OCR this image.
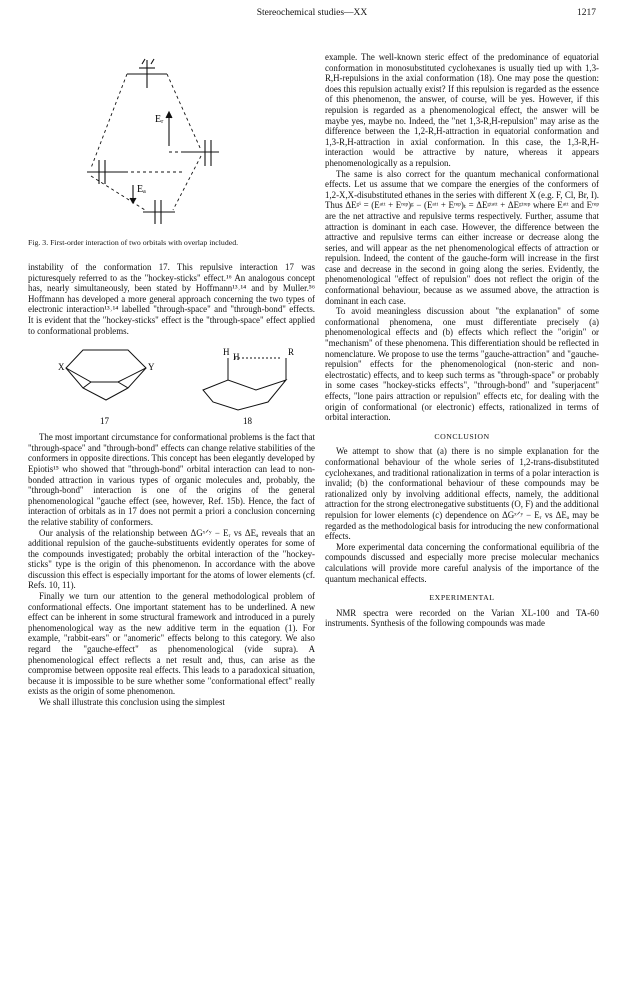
Stereochemical studies—XX	1217
Eᵣ
Eₐ
Fig. 3. First-order interaction of two orbitals with overlap included.

instability of the conformation 17. This repulsive interaction 17 was picturesquely referred to as the "hockey-sticks" effect.¹⁶ An analogous concept has, nearly simultaneously, been stated by Hoffmann¹³˒¹⁴ and by Muller.⁵⁶ Hoffmann has developed a more general approach concerning the two types of electronic interaction¹³˒¹⁴ labelled "through-space" and "through-bond" effects. It is evident that the "hockey-sticks" effect is the "through-space" effect applied to conformational problems.

X	Y
H H	R
17	18

The most important circumstance for conformational problems is the fact that "through-space" and "through-bond" effects can change relative stabilities of the conformers in opposite directions. This concept has been elegantly developed by Epiotis¹⁵ who showed that "through-bond" orbital interaction can lead to non-bonded attraction in various types of organic molecules and, probably, the "through-bond" interaction is one of the origins of the general phenomenological "gauche effect (see, however, Ref. 15b). Hence, the fact of interaction of orbitals as in 17 does not permit a priori a conclusion concerning the relative stability of conformers.

Our analysis of the relationship between ΔGˣᐟʸ − Eᵣ vs ΔEₐ reveals that an additional repulsion of the gauche-substituents evidently operates for some of the compounds investigated; probably the orbital interaction of the "hockey-sticks" type is the origin of this phenomenon. In accordance with the above discussion this effect is especially important for the atoms of lower elements (cf. Refs. 10, 11).

Finally we turn our attention to the general methodological problem of conformational effects. One important statement has to be underlined. A new effect can be inherent in some structural framework and introduced in a purely phenomenological way as the new additive term in the equation (1). For example, "rabbit-ears" or "anomeric" effects belong to this category. We also regard the "gauche-effect" as phenomenological (vide supra). A phenomenological effect reflects a net result and, thus, can arise as the compromise between opposite real effects. This leads to a paradoxical situation, because it is impossible to be sure whether some "conformational effect" really exists as the origin of some phenomenon.

We shall illustrate this conclusion using the simplest

example. The well-known steric effect of the predominance of equatorial conformation in monosubstituted cyclohexanes is usually tied up with 1,3-R,H-repulsions in the axial conformation (18). One may pose the question: does this repulsion actually exist? If this repulsion is regarded as the essence of this phenomenon, the answer, of course, will be yes. However, if this repulsion is regarded as a phenomenological effect, the answer will be maybe yes, maybe no. Indeed, the "net 1,3-R,H-repulsion" may arise as the difference between the 1,2-R,H-attraction in equatorial conformation and 1,3-R,H-attraction in axial conformation. In this case, the 1,3-R,H-interaction would be attractive by nature, whereas it appears phenomenologically as a repulsion.

The same is also correct for the quantum mechanical conformational effects. Let us assume that we compare the energies of the conformers of 1,2-X,X-disubstituted ethanes in the series with different X (e.g. F, Cl, Br, I). Thus ΔEᵍⁱ = (Eᵃᵗᵗ + Eʳᵉᵖ)ᵍ − (Eᵃᵗᵗ + Eʳᵉᵖ)ₜ = ΔEᵍᵗᵃᵗᵗ + ΔEᵍᵗʳᵉᵖ where Eᵃᵗᵗ and Eʳᵉᵖ are the net attractive and repulsive terms respectively. Further, assume that attraction is dominant in each case. However, the difference between the attractive and repulsive terms can either increase or decrease along the series, and will appear as the net phenomenological effects of attraction or repulsion. Indeed, the content of the gauche-form will increase in the first case and decrease in the second in going along the series. Evidently, the phenomenological "effect of repulsion" does not reflect the origin of the conformational behaviour, because as we assumed above, the attraction is dominant in each case.

To avoid meaningless discussion about "the explanation" of some conformational phenomena, one must differentiate precisely (a) phenomenological effects and (b) effects which reflect the "origin" or "mechanism" of these phenomena. This differentiation should be reflected in nomenclature. We propose to use the terms "gauche-attraction" and "gauche-repulsion" effects for the phenomenological (non-steric and non-electrostatic) effects, and to keep such terms as "through-space" or probably in some cases "hockey-sticks effects", "through-bond" and "superjacent" effects, "lone pairs attraction or repulsion" effects etc, for dealing with the origin of conformational (or electronic) effects, rationalized in terms of orbital interaction.

CONCLUSION

We attempt to show that (a) there is no simple explanation for the conformational behaviour of the whole series of 1,2-trans-disubstituted cyclohexanes, and traditional rationalization in terms of a polar interaction is invalid; (b) the conformational behaviour of these compounds may be rationalized only by involving additional effects, namely, the additional attraction for the strong electronegative substituents (O, F) and the additional repulsion for lower elements (c) dependence on ΔGˣᐟʸ − Eᵣ vs ΔEₐ may be regarded as the methodological basis for introducing the new conformational effects.

More experimental data concerning the conformational equilibria of the compounds discussed and especially more precise molecular mechanics calculations will provide more careful analysis of the importance of the quantum mechanical effects.

EXPERIMENTAL

NMR spectra were recorded on the Varian XL-100 and TA-60 instruments. Synthesis of the following compounds was made
